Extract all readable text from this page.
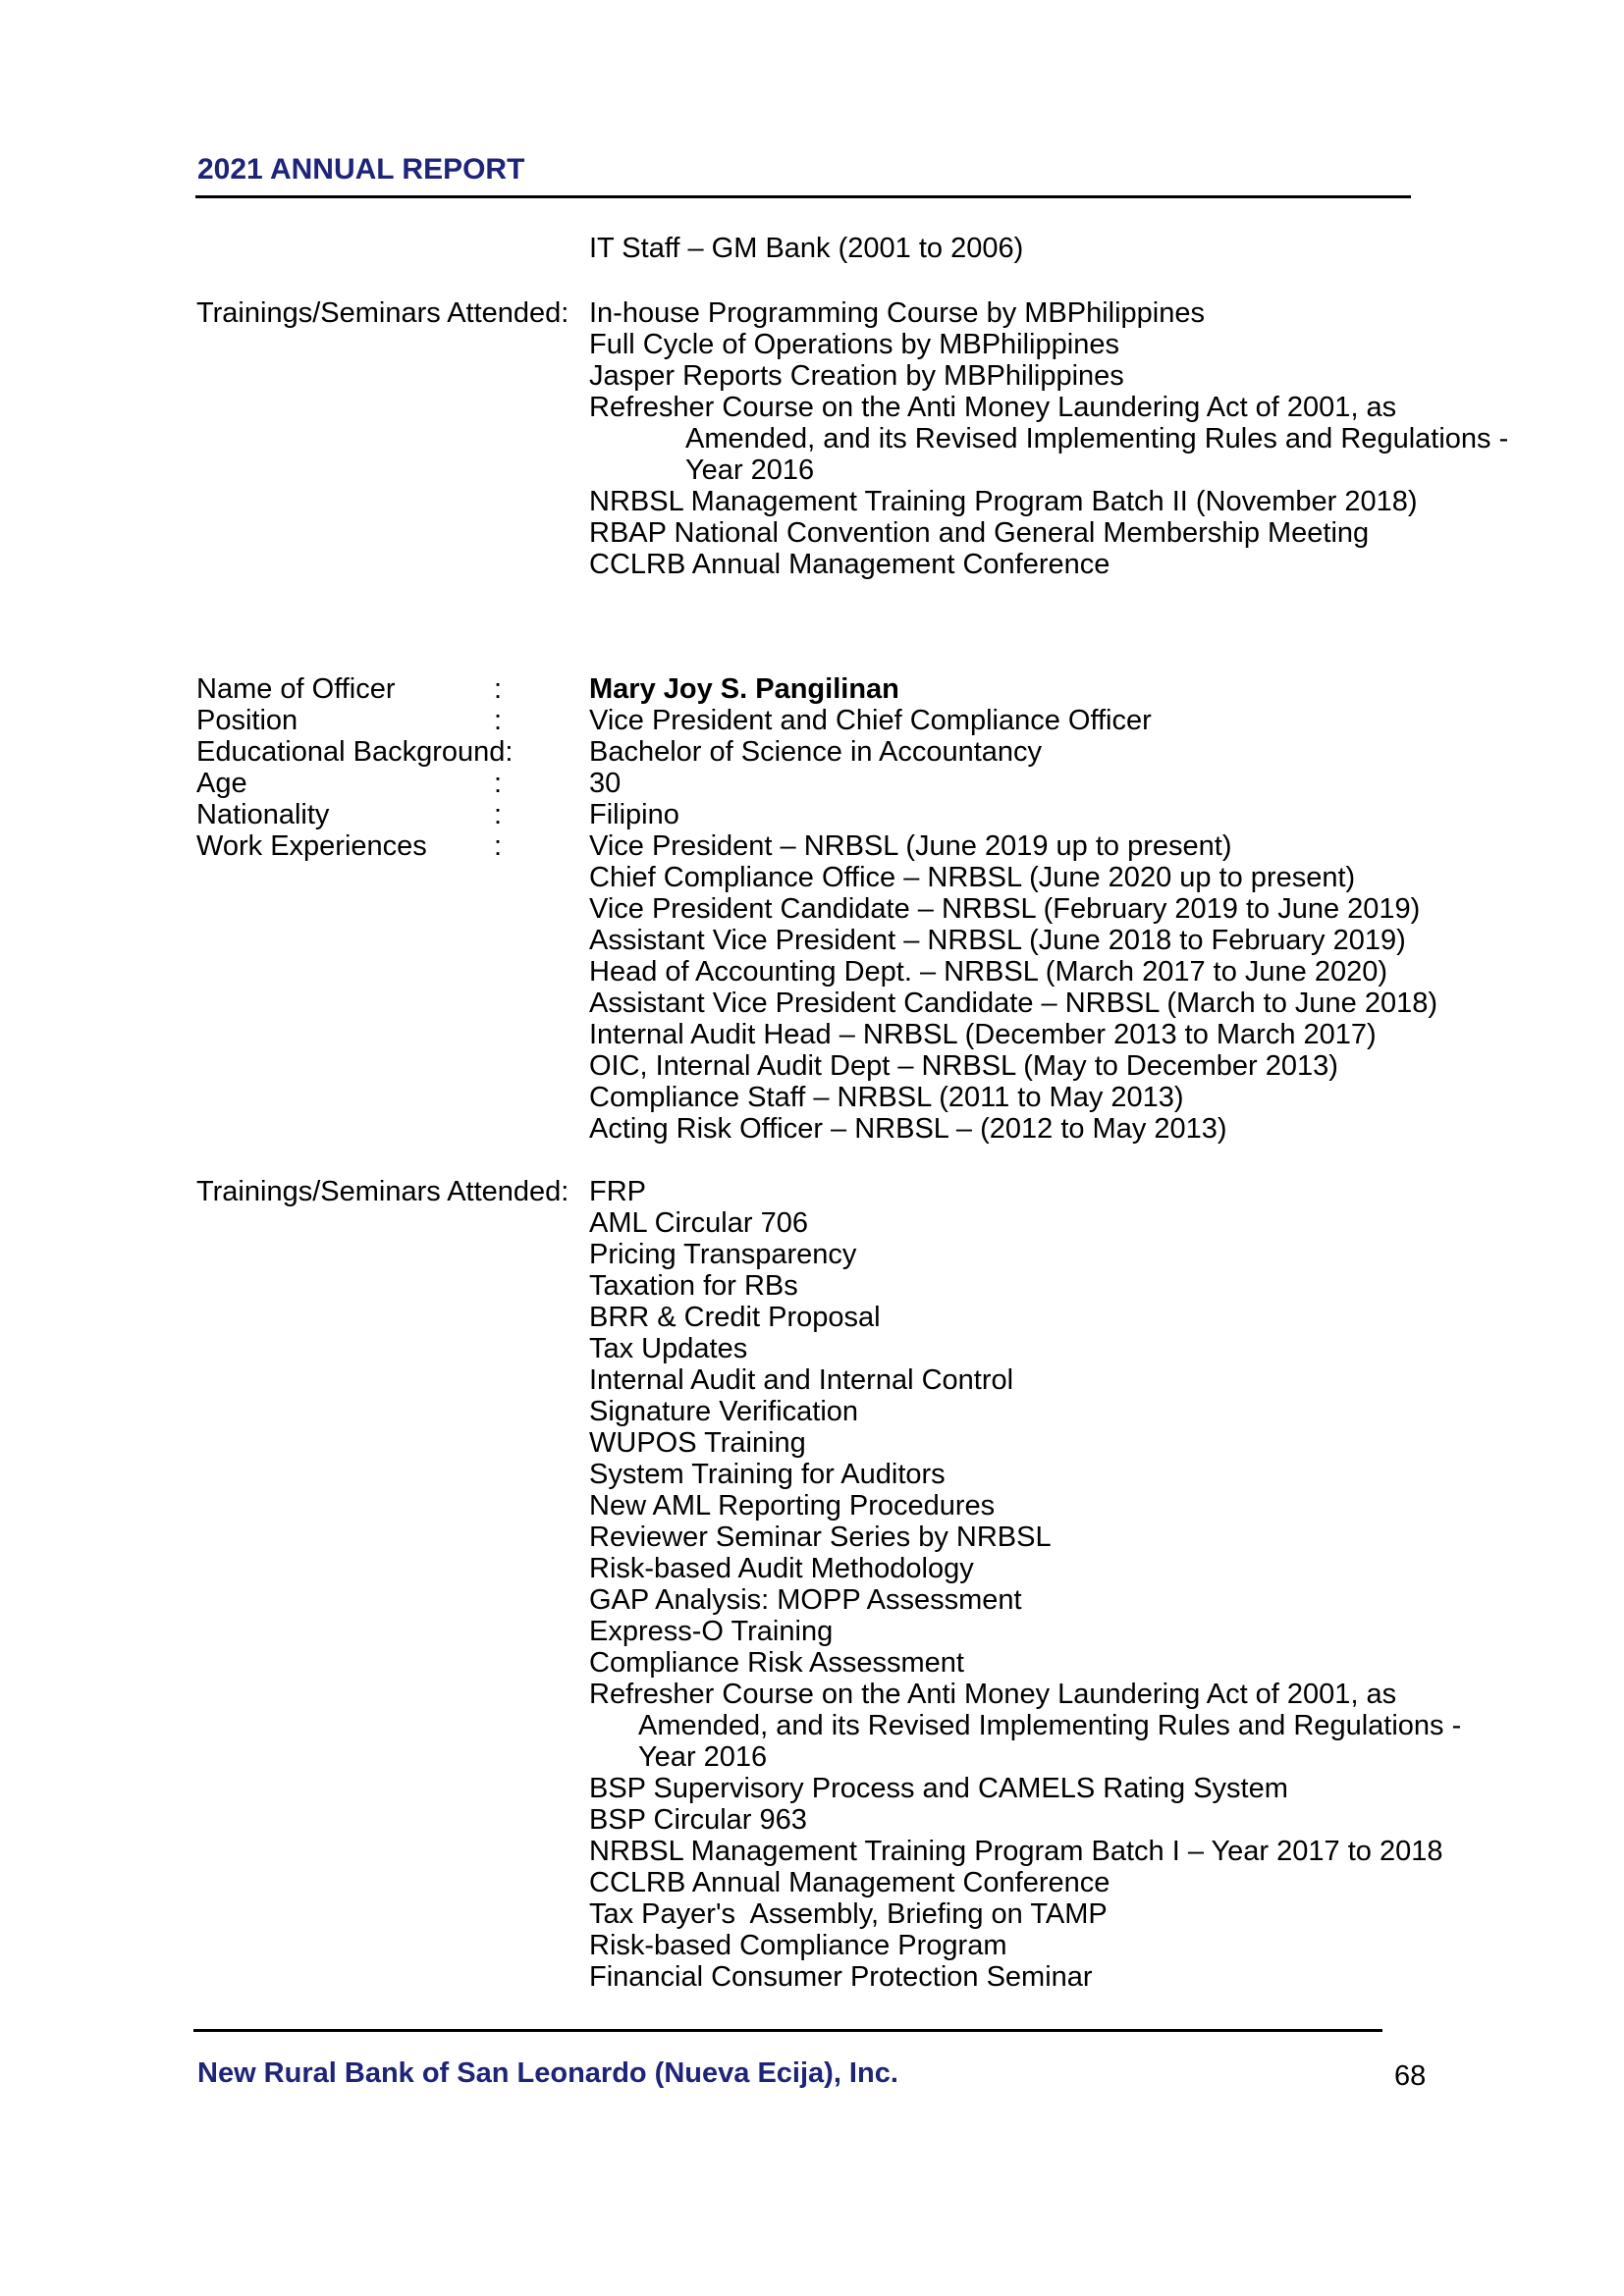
2021 ANNUAL REPORT
IT Staff – GM Bank (2001 to 2006)
Trainings/Seminars Attended: In-house Programming Course by MBPhilippines
Full Cycle of Operations by MBPhilippines
Jasper Reports Creation by MBPhilippines
Refresher Course on the Anti Money Laundering Act of 2001, as
Amended, and its Revised Implementing Rules and Regulations -
Year 2016
NRBSL Management Training Program Batch II (November 2018)
RBAP National Convention and General Membership Meeting
CCLRB Annual Management Conference
Name of Officer	:	Mary Joy S. Pangilinan
Position	:	Vice President and Chief Compliance Officer
Educational Background:	Bachelor of Science in Accountancy
Age	:	30
Nationality	:	Filipino
Work Experiences	:	Vice President – NRBSL (June 2019 up to present)
Chief Compliance Office – NRBSL (June 2020 up to present)
Vice President Candidate – NRBSL (February 2019 to June 2019)
Assistant Vice President – NRBSL (June 2018 to February 2019)
Head of Accounting Dept. – NRBSL (March 2017 to June 2020)
Assistant Vice President Candidate – NRBSL (March to June 2018)
Internal Audit Head – NRBSL (December 2013 to March 2017)
OIC, Internal Audit Dept – NRBSL (May to December 2013)
Compliance Staff – NRBSL (2011 to May 2013)
Acting Risk Officer – NRBSL – (2012 to May 2013)
Trainings/Seminars Attended: FRP
AML Circular 706
Pricing Transparency
Taxation for RBs
BRR & Credit Proposal
Tax Updates
Internal Audit and Internal Control
Signature Verification
WUPOS Training
System Training for Auditors
New AML Reporting Procedures
Reviewer Seminar Series by NRBSL
Risk-based Audit Methodology
GAP Analysis: MOPP Assessment
Express-O Training
Compliance Risk Assessment
Refresher Course on the Anti Money Laundering Act of 2001, as
Amended, and its Revised Implementing Rules and Regulations -
Year 2016
BSP Supervisory Process and CAMELS Rating System
BSP Circular 963
NRBSL Management Training Program Batch I – Year 2017 to 2018
CCLRB Annual Management Conference
Tax Payer's  Assembly, Briefing on TAMP
Risk-based Compliance Program
Financial Consumer Protection Seminar
New Rural Bank of San Leonardo (Nueva Ecija), Inc.	68
